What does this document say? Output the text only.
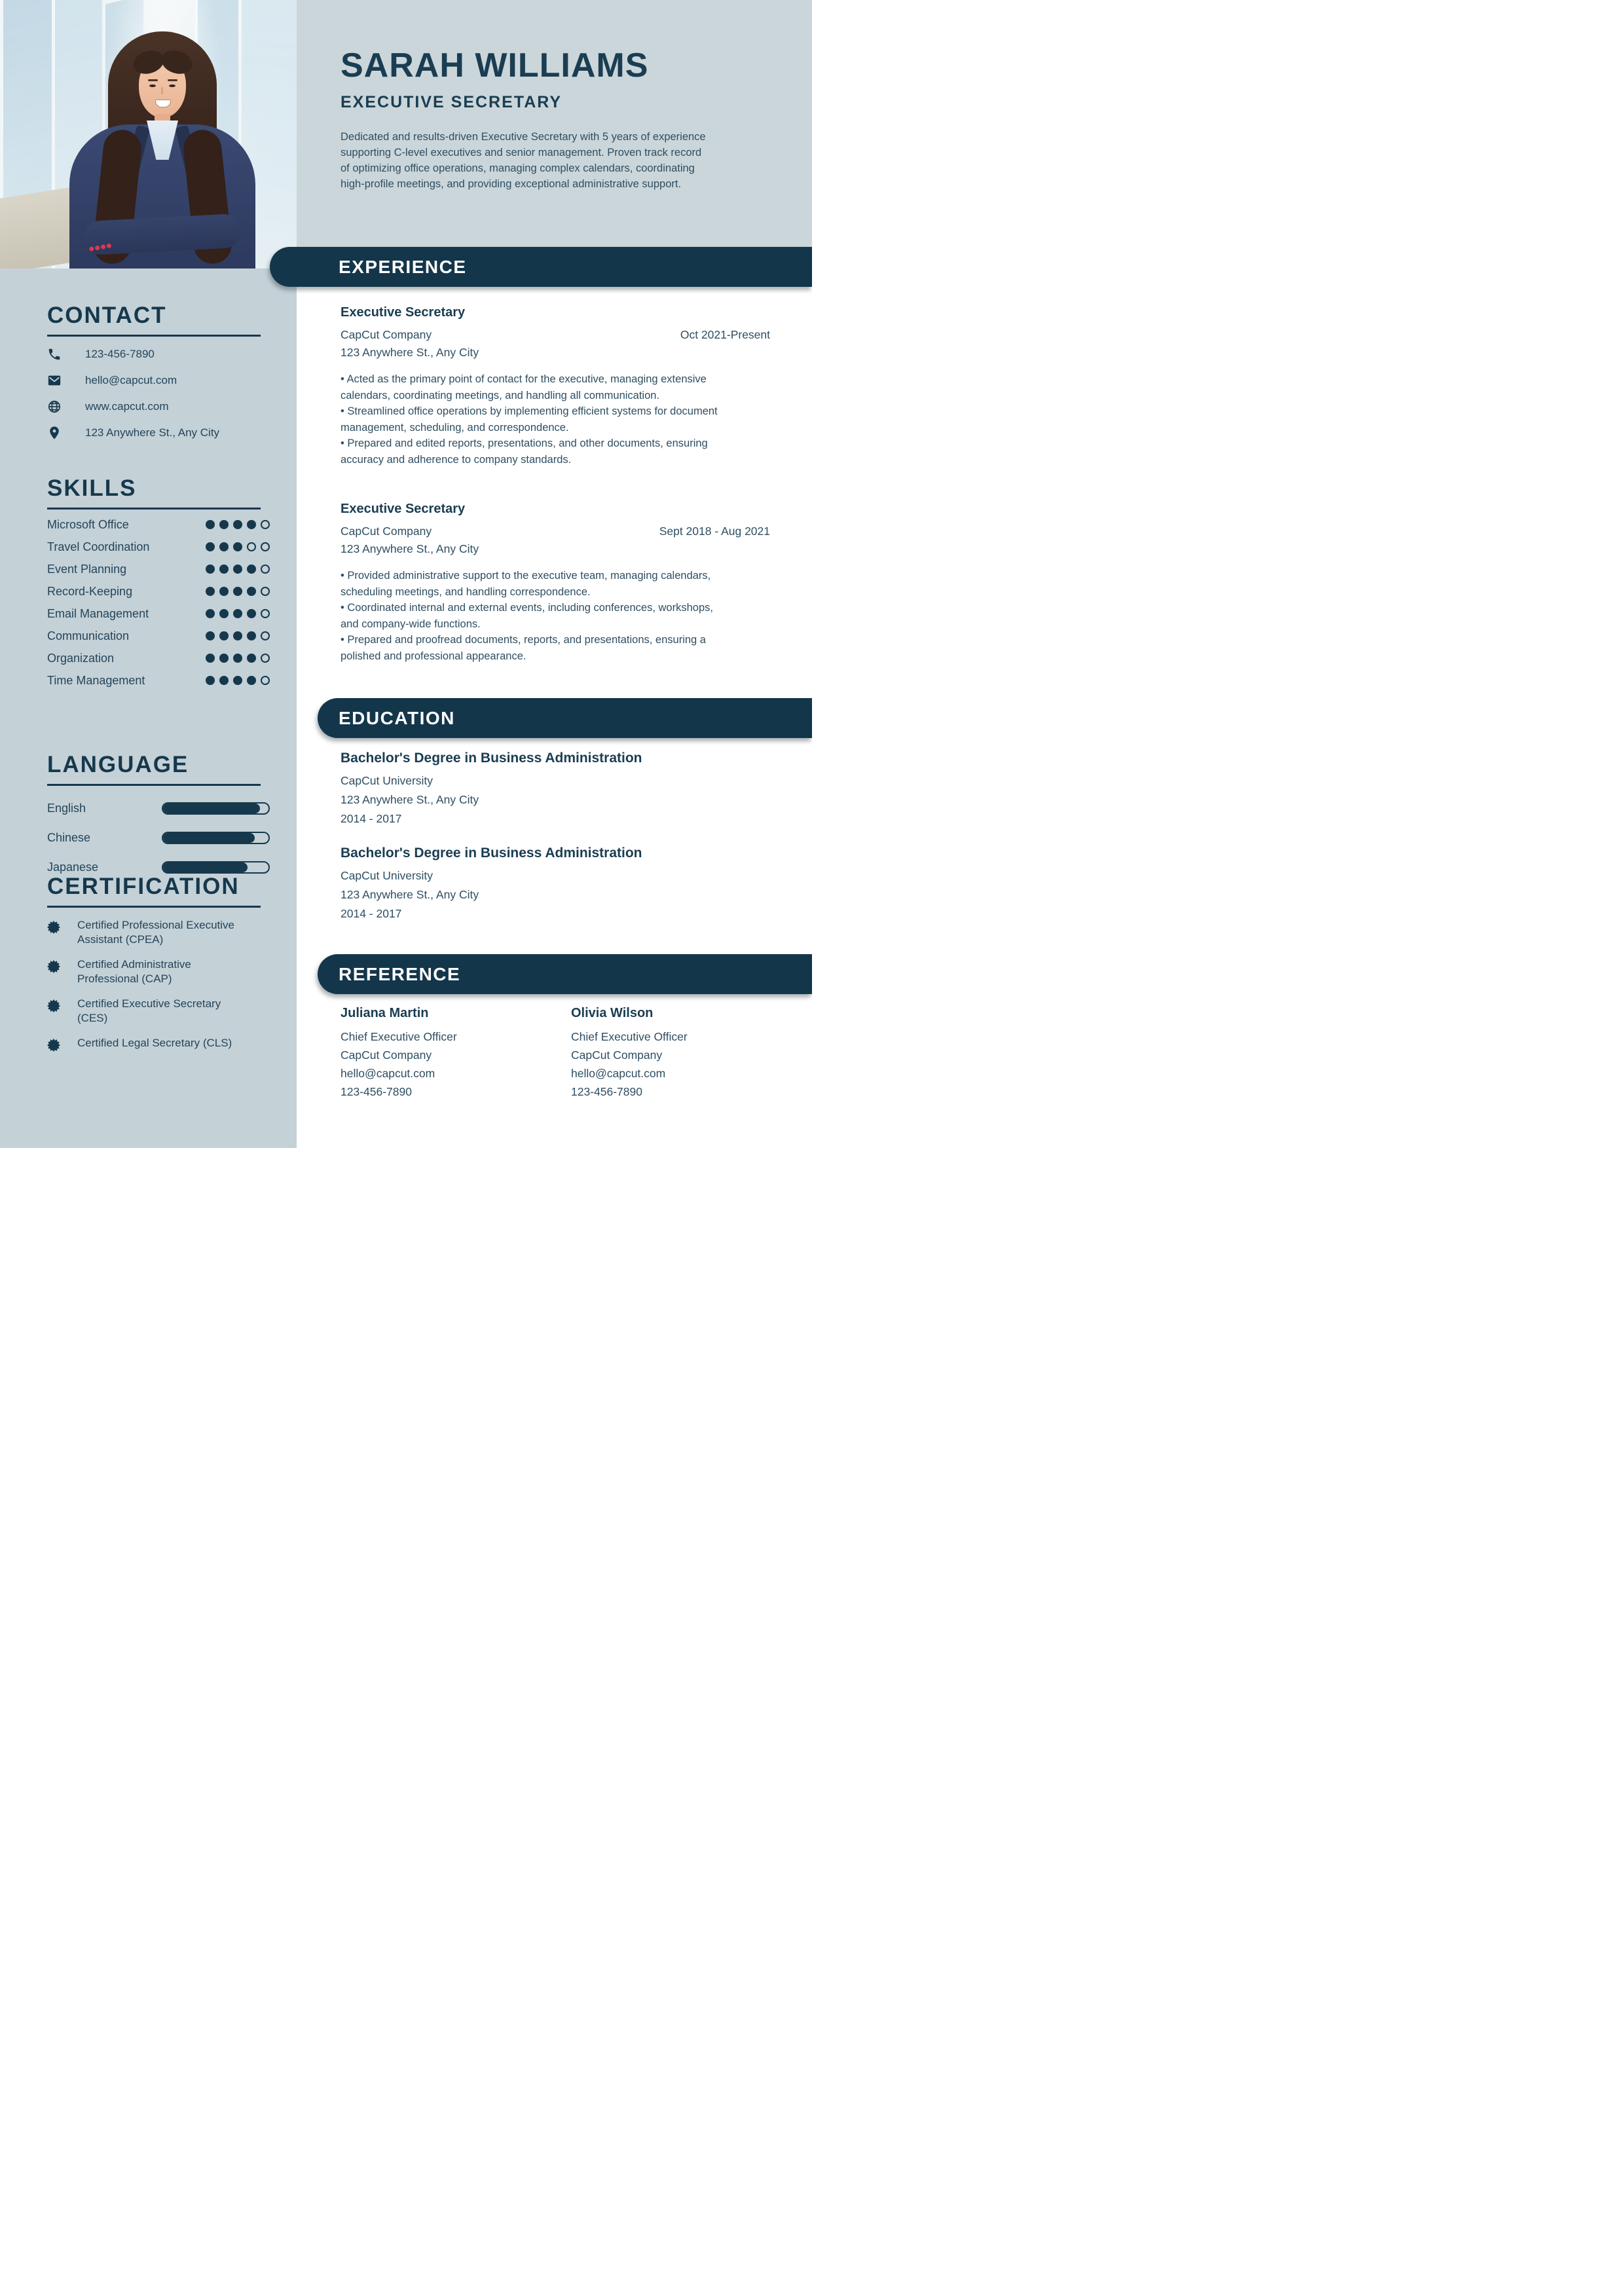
CONTACT
123-456-7890
hello@capcut.com
www.capcut.com
123 Anywhere St., Any City
SKILLS
Microsoft Office
Travel Coordination
Event Planning
Record-Keeping
Email Management
Communication
Organization
Time Management
LANGUAGE
English
Chinese
Japanese
CERTIFICATION
Certified Professional Executive Assistant (CPEA)
Certified Administrative Professional (CAP)
Certified Executive Secretary (CES)
Certified Legal Secretary (CLS)
SARAH WILLIAMS
EXECUTIVE SECRETARY
Dedicated and results-driven Executive Secretary with 5 years of experience supporting C-level executives and senior management. Proven track record of optimizing office operations, managing complex calendars, coordinating high-profile meetings, and providing exceptional administrative support.
EXPERIENCE
EDUCATION
REFERENCE
Executive Secretary
CapCut Company	Oct 2021-Present
123 Anywhere St., Any City
• Acted as the primary point of contact for the executive, managing extensive calendars, coordinating meetings, and handling all communication.
• Streamlined office operations by implementing efficient systems for document management, scheduling, and correspondence.
• Prepared and edited reports, presentations, and other documents, ensuring accuracy and adherence to company standards.
Executive Secretary
CapCut Company	Sept 2018 - Aug 2021
123 Anywhere St., Any City
• Provided administrative support to the executive team, managing calendars, scheduling meetings, and handling correspondence.
• Coordinated internal and external events, including conferences, workshops, and company-wide functions.
• Prepared and proofread documents, reports, and presentations, ensuring a polished and professional appearance.
Bachelor's Degree in Business Administration
CapCut University
123 Anywhere St., Any City
2014 - 2017
Bachelor's Degree in Business Administration
CapCut University
123 Anywhere St., Any City
2014 - 2017
Juliana Martin
Chief Executive Officer
CapCut Company
hello@capcut.com
123-456-7890
Olivia Wilson
Chief Executive Officer
CapCut Company
hello@capcut.com
123-456-7890
